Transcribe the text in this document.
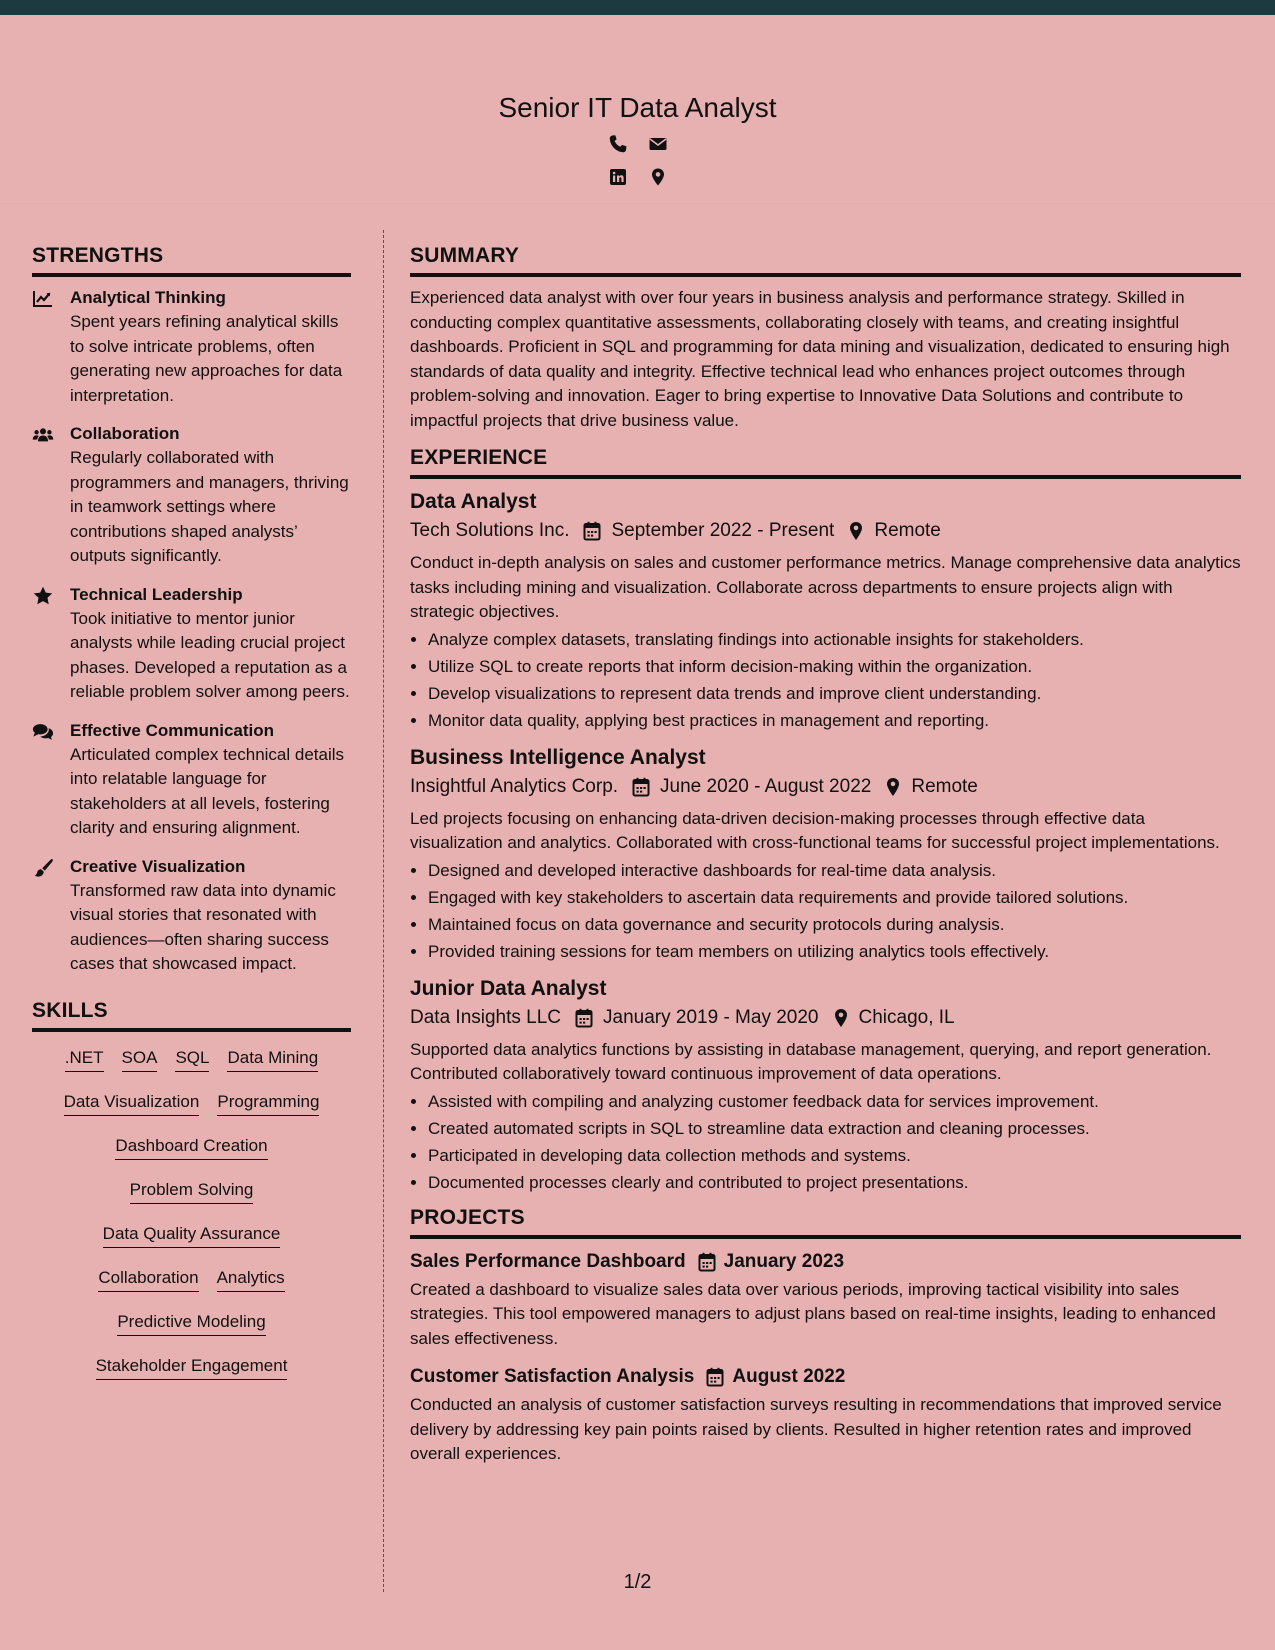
Senior IT Data Analyst
STRENGTHS
Analytical Thinking

Spent years refining analytical skills to solve intricate problems, often generating new approaches for data interpretation.

Collaboration

Regularly collaborated with programmers and managers, thriving in teamwork settings where contributions shaped analysts’ outputs significantly.

Technical Leadership

Took initiative to mentor junior analysts while leading crucial project phases. Developed a reputation as a reliable problem solver among peers.

Effective Communication

Articulated complex technical details into relatable language for stakeholders at all levels, fostering clarity and ensuring alignment.

Creative Visualization

Transformed raw data into dynamic visual stories that resonated with audiences—often sharing success cases that showcased impact.

SKILLS
.NET SOA SQL Data Mining
Data Visualization Programming
Dashboard Creation
Problem Solving
Data Quality Assurance
Collaboration Analytics
Predictive Modeling
Stakeholder Engagement
SUMMARY

Experienced data analyst with over four years in business analysis and performance strategy. Skilled in conducting complex quantitative assessments, collaborating closely with teams, and creating insightful dashboards. Proficient in SQL and programming for data mining and visualization, dedicated to ensuring high standards of data quality and integrity. Effective technical lead who enhances project outcomes through problem-solving and innovation. Eager to bring expertise to Innovative Data Solutions and contribute to impactful projects that drive business value.

EXPERIENCE
Data Analyst
Tech Solutions Inc. September 2022 - Present Remote

Conduct in-depth analysis on sales and customer performance metrics. Manage comprehensive data analytics tasks including mining and visualization. Collaborate across departments to ensure projects align with strategic objectives.

• Analyze complex datasets, translating findings into actionable insights for stakeholders.
• Utilize SQL to create reports that inform decision-making within the organization.
• Develop visualizations to represent data trends and improve client understanding.
• Monitor data quality, applying best practices in management and reporting.
Business Intelligence Analyst
Insightful Analytics Corp. June 2020 - August 2022 Remote

Led projects focusing on enhancing data-driven decision-making processes through effective data visualization and analytics. Collaborated with cross-functional teams for successful project implementations.

• Designed and developed interactive dashboards for real-time data analysis.
• Engaged with key stakeholders to ascertain data requirements and provide tailored solutions.
• Maintained focus on data governance and security protocols during analysis.
• Provided training sessions for team members on utilizing analytics tools effectively.
Junior Data Analyst
Data Insights LLC January 2019 - May 2020 Chicago, IL

Supported data analytics functions by assisting in database management, querying, and report generation. Contributed collaboratively toward continuous improvement of data operations.

• Assisted with compiling and analyzing customer feedback data for services improvement.
• Created automated scripts in SQL to streamline data extraction and cleaning processes.
• Participated in developing data collection methods and systems.
• Documented processes clearly and contributed to project presentations.
PROJECTS
Sales Performance Dashboard January 2023

Created a dashboard to visualize sales data over various periods, improving tactical visibility into sales strategies. This tool empowered managers to adjust plans based on real-time insights, leading to enhanced sales effectiveness.

Customer Satisfaction Analysis August 2022

Conducted an analysis of customer satisfaction surveys resulting in recommendations that improved service delivery by addressing key pain points raised by clients. Resulted in higher retention rates and improved overall experiences.

1/2
